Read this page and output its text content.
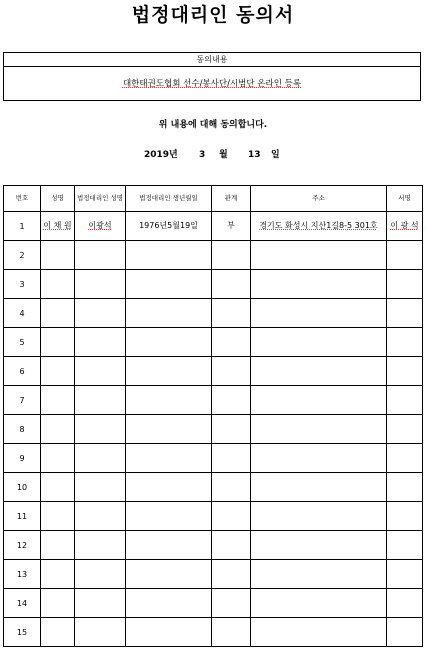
법정대리인 동의서
동의내용
대한태권도협회 선수/봉사단/시범단 온라인 등록
위 내용에 대해 동의합니다.
2019년 3 월 13 일
번호	성명	법정대리인 성명	법정대리인 생년월일	관계	주소	서명
1	이 채 원	이광석	1976년5월19일	부	경기도 화성시 지산1길8-5 301호	이 광 석
2						
3						
4						
5						
6						
7						
8						
9						
10						
11						
12						
13						
14						
15						
